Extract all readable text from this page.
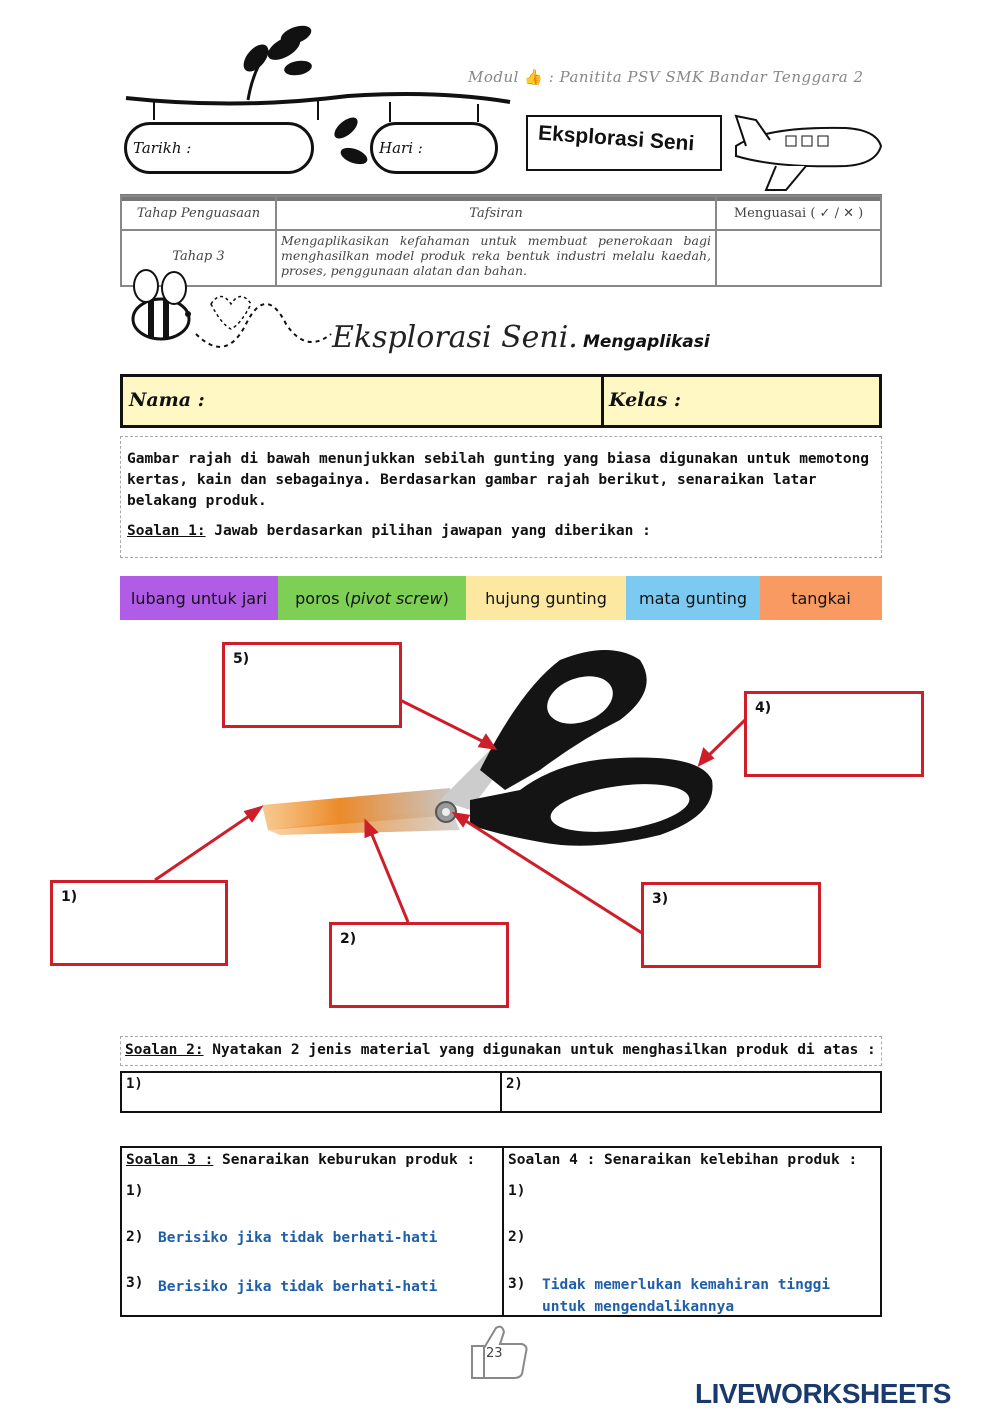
Tarikh :	Hari :
Modul 👍 : Panitita PSV SMK Bandar Tenggara 2
Eksplorasi Seni
Tahap Penguasaan	Tafsiran	Menguasai ( ✓ / ✕ )
Tahap 3	Mengaplikasikan kefahaman untuk membuat penerokaan bagi menghasilkan model produk reka bentuk industri melalu kaedah, proses, penggunaan alatan dan bahan.	
Eksplorasi Seni. Mengaplikasi
Nama :	Kelas :
Gambar rajah di bawah menunjukkan sebilah gunting yang biasa digunakan untuk memotong kertas, kain dan sebagainya. Berdasarkan gambar rajah berikut, senaraikan latar belakang produk.
Soalan 1: Jawab berdasarkan pilihan jawapan yang diberikan :
lubang untuk jari poros (pivot screw) hujung gunting mata gunting	tangkai
1)
2)
3)
4)
5)
Soalan 2: Nyatakan 2 jenis material yang digunakan untuk menghasilkan produk di atas :
1)	2)
Soalan 3 : Senaraikan keburukan produk :
1)
2) Berisiko jika tidak berhati-hati
3) Berisiko jika tidak berhati-hati
Soalan 4 : Senaraikan kelebihan produk :
1)
2)
3) Tidak memerlukan kemahiran tinggi
untuk mengendalikannya
23
LIVEWORKSHEETS
